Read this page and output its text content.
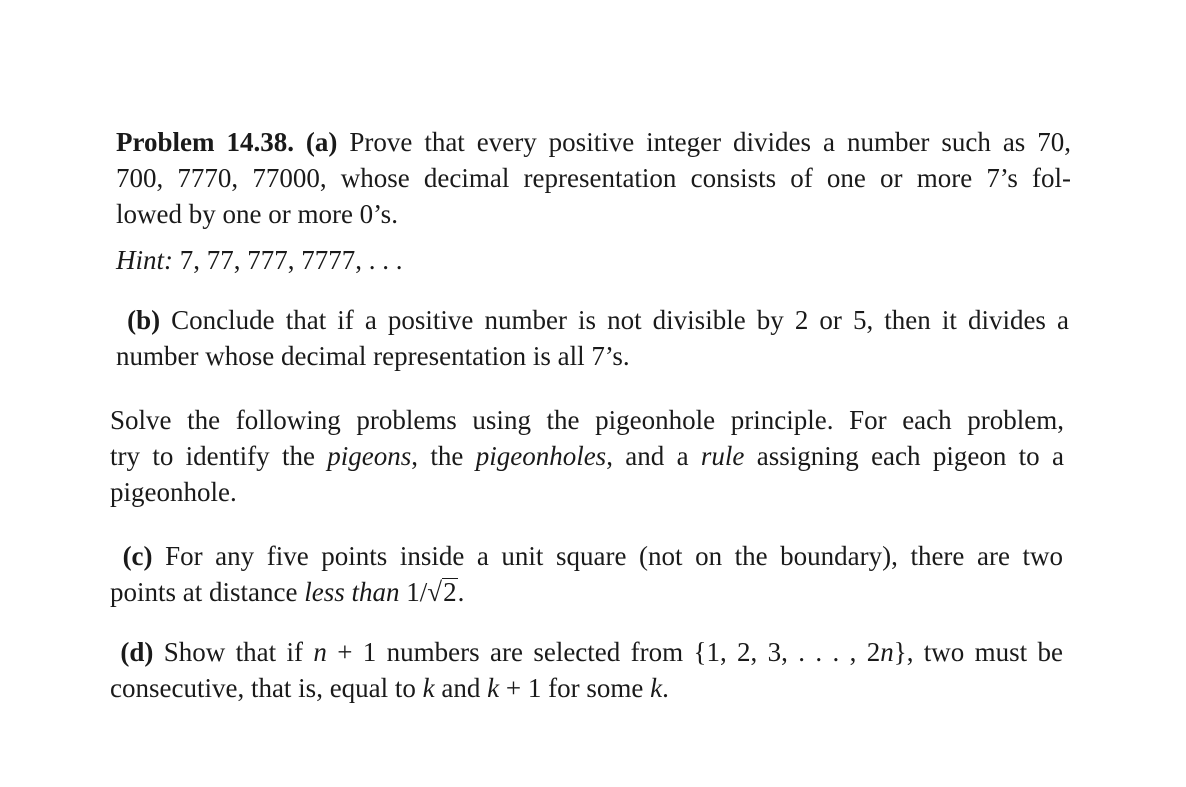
Problem 14.38. (a) Prove that every positive integer divides a number such as 70,
700, 7770, 77000, whose decimal representation consists of one or more 7’s fol-
lowed by one or more 0’s.
Hint: 7, 77, 777, 7777, . . .
(b) Conclude that if a positive number is not divisible by 2 or 5, then it divides a
number whose decimal representation is all 7’s.
Solve the following problems using the pigeonhole principle. For each problem,
try to identify the pigeons, the pigeonholes, and a rule assigning each pigeon to a
pigeonhole.
(c) For any five points inside a unit square (not on the boundary), there are two
points at distance less than 1/√2.
(d) Show that if n + 1 numbers are selected from {1, 2, 3, . . . , 2n}, two must be
consecutive, that is, equal to k and k + 1 for some k.
